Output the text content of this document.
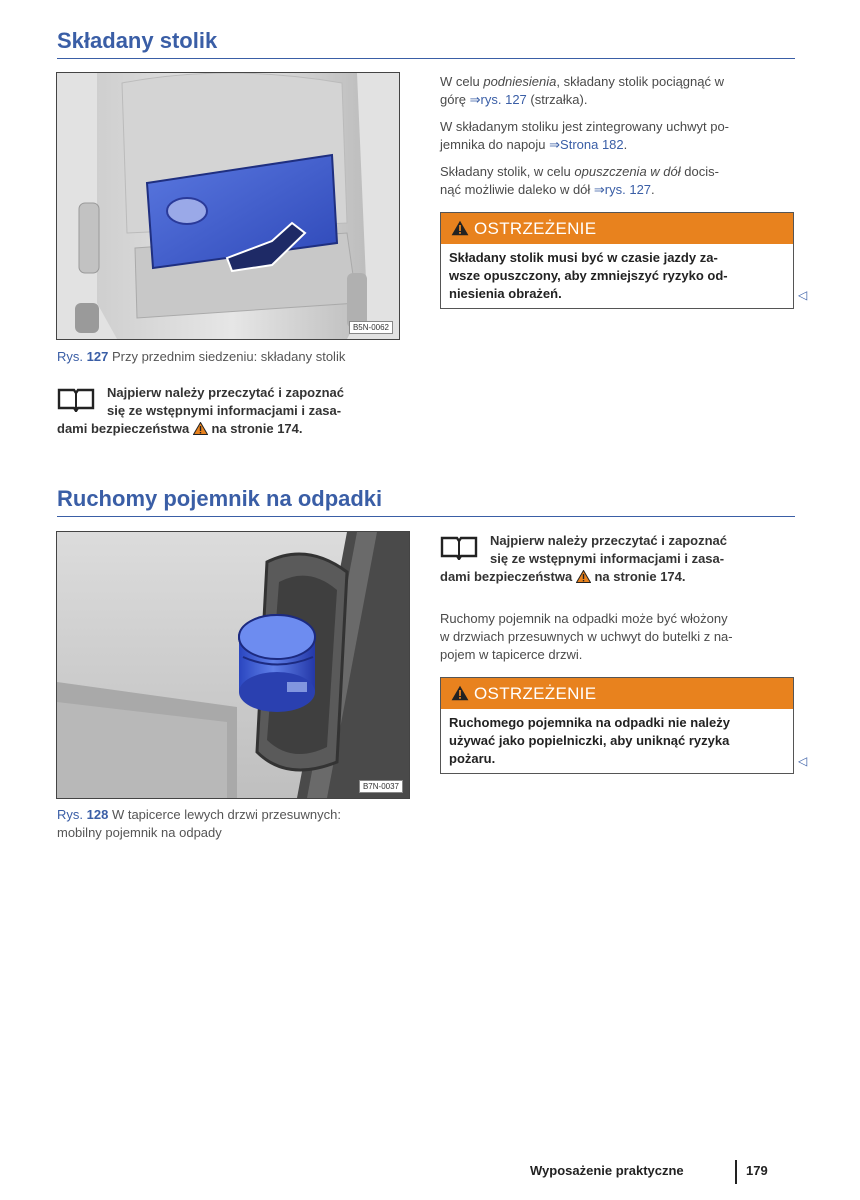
Składany stolik
B5N-0062
Rys. 127 Przy przednim siedzeniu: składany stolik
Najpierw należy przeczytać i zapoznać
się ze wstępnymi informacjami i zasa-
dami bezpieczeństwa na stronie 174.
W celu podniesienia, składany stolik pociągnąć w
górę ⇒rys. 127 (strzałka).
W składanym stoliku jest zintegrowany uchwyt po-
jemnika do napoju ⇒Strona 182.
Składany stolik, w celu opuszczenia w dół docis-
nąć możliwie daleko w dół ⇒rys. 127.
OSTRZEŻENIE
Składany stolik musi być w czasie jazdy za-
wsze opuszczony, aby zmniejszyć ryzyko od-
niesienia obrażeń.	◁
Ruchomy pojemnik na odpadki
B7N-0037
Rys. 128 W tapicerce lewych drzwi przesuwnych:
mobilny pojemnik na odpady
Najpierw należy przeczytać i zapoznać
się ze wstępnymi informacjami i zasa-
dami bezpieczeństwa na stronie 174.
Ruchomy pojemnik na odpadki może być włożony
w drzwiach przesuwnych w uchwyt do butelki z na-
pojem w tapicerce drzwi.
OSTRZEŻENIE
Ruchomego pojemnika na odpadki nie należy
używać jako popielniczki, aby uniknąć ryzyka
pożaru.	◁
Wyposażenie praktyczne	179
